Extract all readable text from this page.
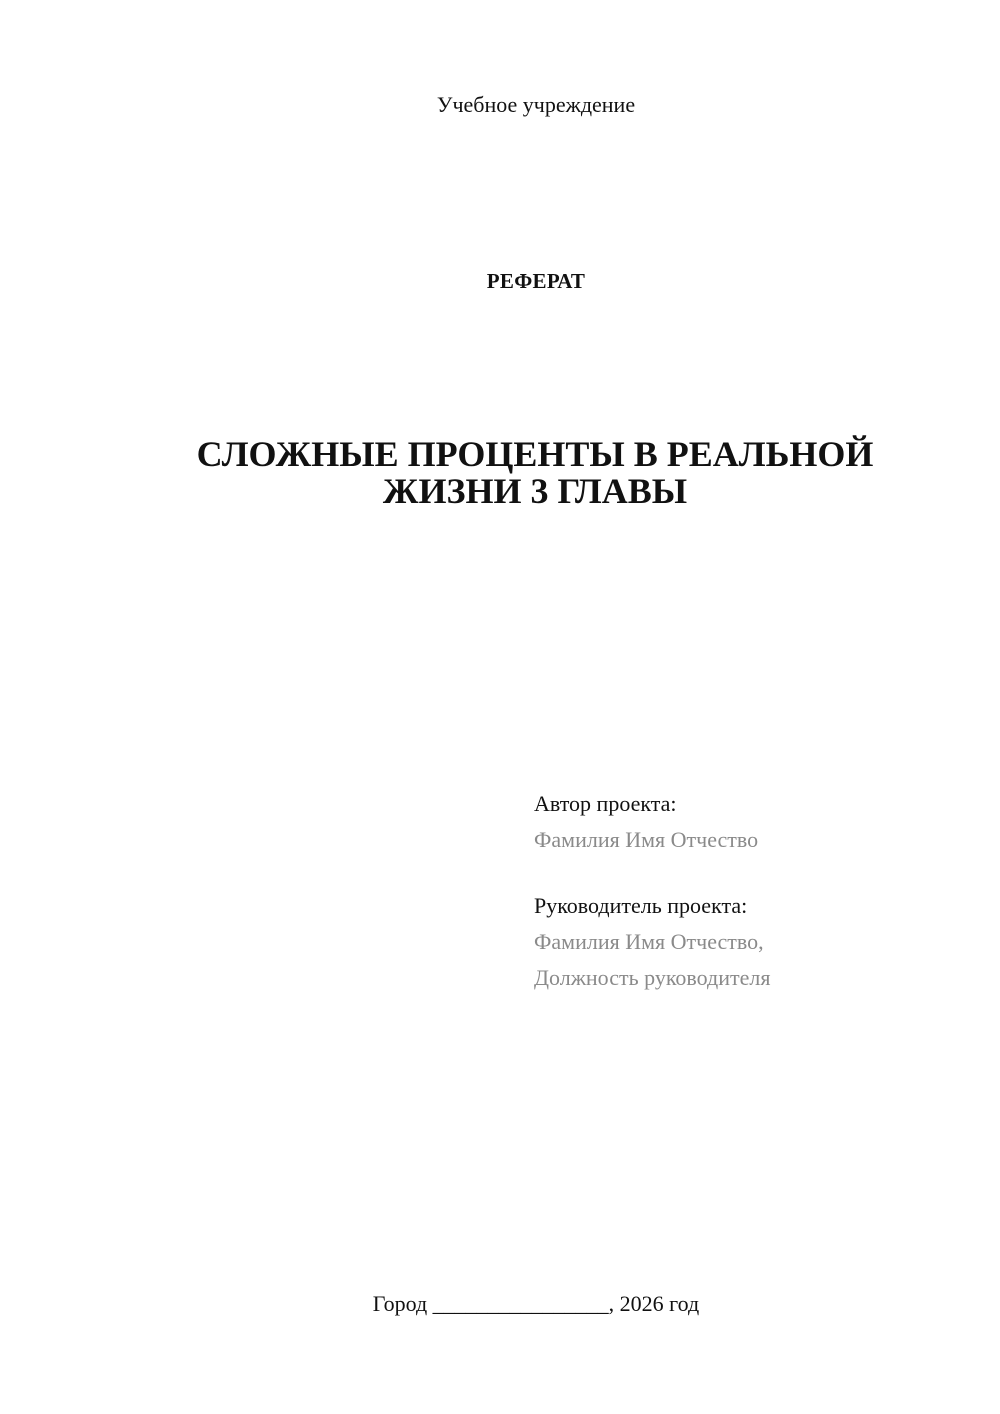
Учебное учреждение
РЕФЕРАТ
СЛОЖНЫЕ ПРОЦЕНТЫ В РЕАЛЬНОЙ
ЖИЗНИ 3 ГЛАВЫ
Автор проекта:
Фамилия Имя Отчество
Руководитель проекта:
Фамилия Имя Отчество,
Должность руководителя
Город ________________, 2026 год
